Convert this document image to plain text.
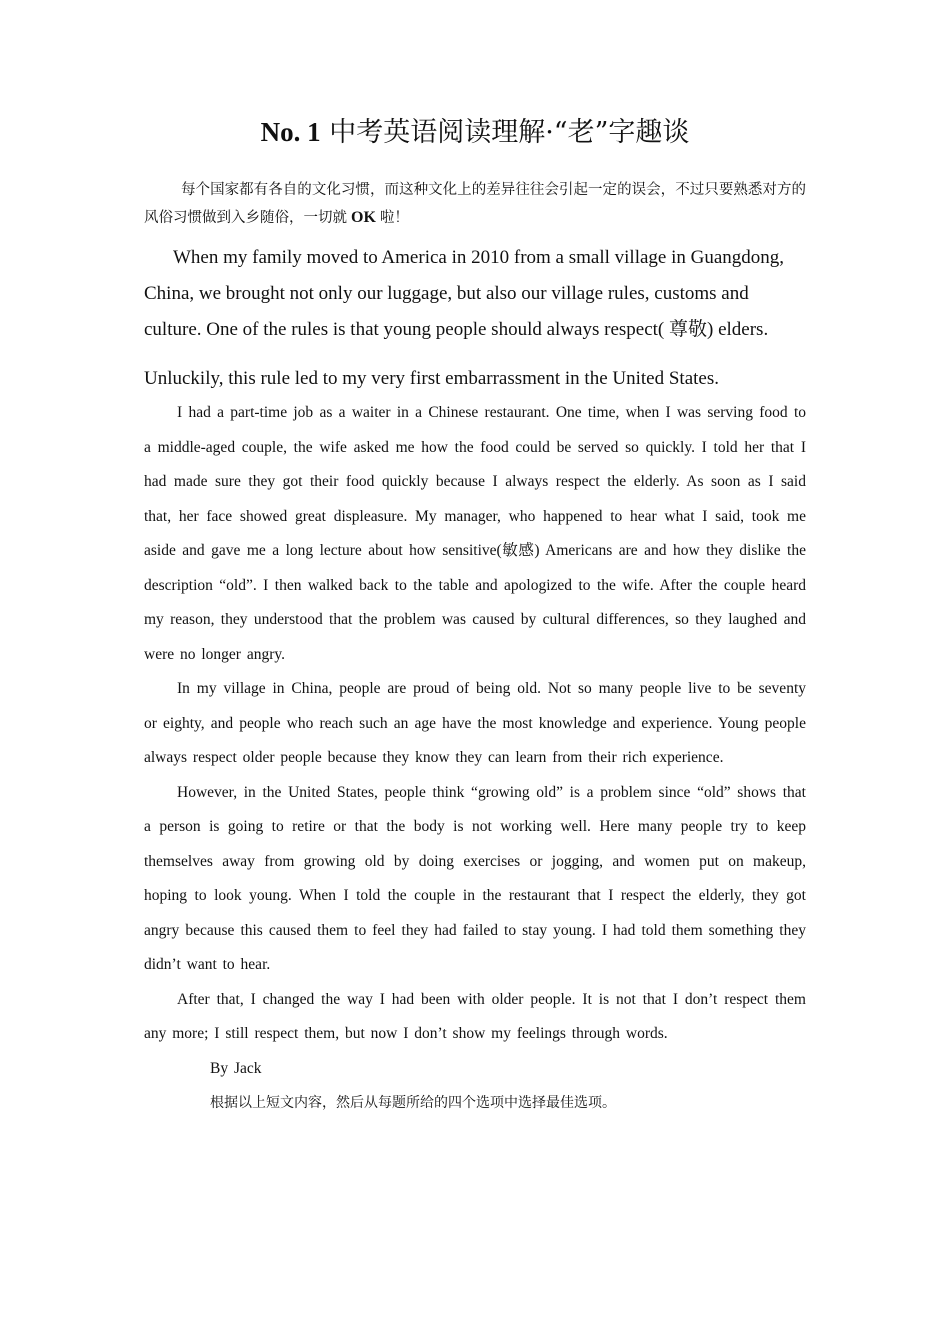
No. 1 中考英语阅读理解·“老”字趣谈

每个国家都有各自的文化习惯，而这种文化上的差异往往会引起一定的误会，不过只要熟悉对方的风俗习惯做到入乡随俗，一切就 OK 啦！

When my family moved to America in 2010 from a small village in Guangdong,
China, we brought not only our luggage, but also our village rules, customs and
culture. One of the rules is that young people should always respect( 尊敬) elders.
Unluckily, this rule led to my very first embarrassment in the United States.

I had a part-time job as a waiter in a Chinese restaurant. One time, when I was serving food to a middle-aged couple, the wife asked me how the food could be served so quickly. I told her that I had made sure they got their food quickly because I always respect the elderly. As soon as I said that, her face showed great displeasure. My manager, who happened to hear what I said, took me aside and gave me a long lecture about how sensitive(敏感) Americans are and how they dislike the description “old”. I then walked back to the table and apologized to the wife. After the couple heard my reason, they understood that the problem was caused by cultural differences, so they laughed and were no longer angry.

In my village in China, people are proud of being old. Not so many people live to be seventy or eighty, and people who reach such an age have the most knowledge and experience. Young people always respect older people because they know they can learn from their rich experience.

However, in the United States, people think “growing old” is a problem since “old” shows that a person is going to retire or that the body is not working well. Here many people try to keep themselves away from growing old by doing exercises or jogging, and women put on makeup, hoping to look young. When I told the couple in the restaurant that I respect the elderly, they got angry because this caused them to feel they had failed to stay young. I had told them something they didn’t want to hear.

After that, I changed the way I had been with older people. It is not that I don’t respect them any more; I still respect them, but now I don’t show my feelings through words.

By Jack

根据以上短文内容，然后从每题所给的四个选项中选择最佳选项。
